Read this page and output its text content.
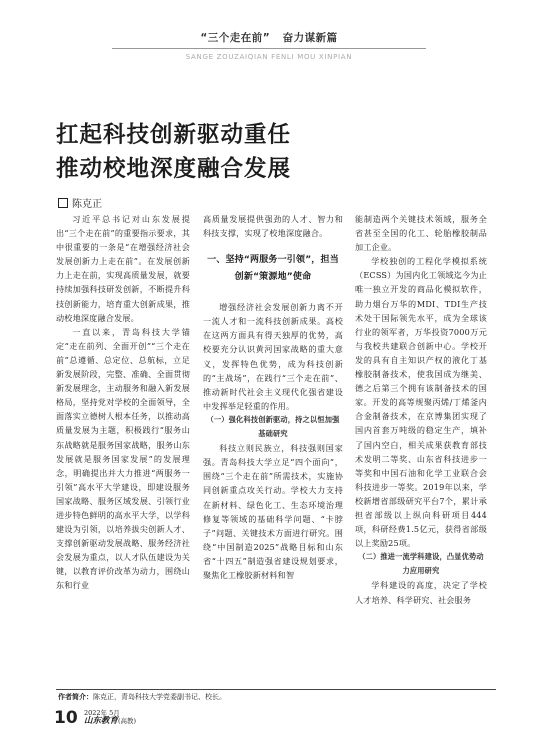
“三个走在前” 奋力谋新篇
SANGE ZOUZAIQIAN FENLI MOU XINPIAN
扛起科技创新驱动重任
推动校地深度融合发展
陈克正

习近平总书记对山东发展提出“三个走在前”的重要指示要求，其中很重要的一条是“在增强经济社会发展创新力上走在前”。在发展创新力上走在前，实现高质量发展，就要持续加强科技研发创新，不断提升科技创新能力，培育重大创新成果，推动校地深度融合发展。

一直以来，青岛科技大学锚定“走在前列、全面开创”“三个走在前”总遵循、总定位、总航标，立足新发展阶段，完整、准确、全面贯彻新发展理念，主动服务和融入新发展格局，坚持党对学校的全面领导，全面落实立德树人根本任务，以推动高质量发展为主题，积极践行“服务山东战略就是服务国家战略，服务山东发展就是服务国家发展”的发展理念，明确提出并大力推进“两服务一引领”高水平大学建设，即建设服务国家战略、服务区域发展、引领行业进步特色鲜明的高水平大学，以学科建设为引领，以培养拔尖创新人才、支撑创新驱动发展战略、服务经济社会发展为重点，以人才队伍建设为关键，以教育评价改革为动力，围绕山东和行业

高质量发展提供强劲的人才、智力和科技支撑，实现了校地深度融合。

一、坚持“两服务一引领”，担当创新“策源地”使命

增强经济社会发展创新力离不开一流人才和一流科技创新成果。高校在这两方面具有得天独厚的优势，高校要充分认识黄河国家战略的重大意义，发挥特色优势，成为科技创新的“主战场”，在践行“三个走在前”、推动新时代社会主义现代化强省建设中发挥举足轻重的作用。

（一）强化科技创新驱动，持之以恒加强基础研究

科技立则民族立，科技强则国家强。青岛科技大学立足“四个面向”，围绕“三个走在前”所需技术，实施协同创新重点攻关行动。学校大力支持在新材料、绿色化工、生态环境治理修复等领域的基础科学问题、“卡脖子”问题、关键技术方面进行研究。围绕“中国制造2025”战略目标和山东省“十四五”制造强省建设规划要求，聚焦化工橡胶新材料和智

能制造两个关键技术领域，服务全省甚至全国的化工、轮胎橡胶制品加工企业。

学校独创的工程化学模拟系统（ECSS）为国内化工领域迄今为止唯一独立开发的商品化模拟软件，助力烟台万华的MDI、TDI生产技术处于国际领先水平，成为全球该行业的领军者，万华投资7000万元与我校共建联合创新中心。学校开发的具有自主知识产权的液化丁基橡胶制备技术，使我国成为继美、德之后第三个拥有该制备技术的国家。开发的高等规聚丙烯/丁烯釜内合金制备技术，在京博集团实现了国内首套万吨级的稳定生产，填补了国内空白，相关成果获教育部技术发明二等奖、山东省科技进步一等奖和中国石油和化学工业联合会科技进步一等奖。2019年以来，学校新增省部级研究平台7个，累计承担省部级以上纵向科研项目444项，科研经费1.5亿元，获得省部级以上奖励25项。

（二）推进一流学科建设，凸显优势动力应用研究

学科建设的高度，决定了学校人才培养、科学研究、社会服务

作者简介：陈克正，青岛科技大学党委副书记、校长。
10 2022年 5月
山东教育(高教)
